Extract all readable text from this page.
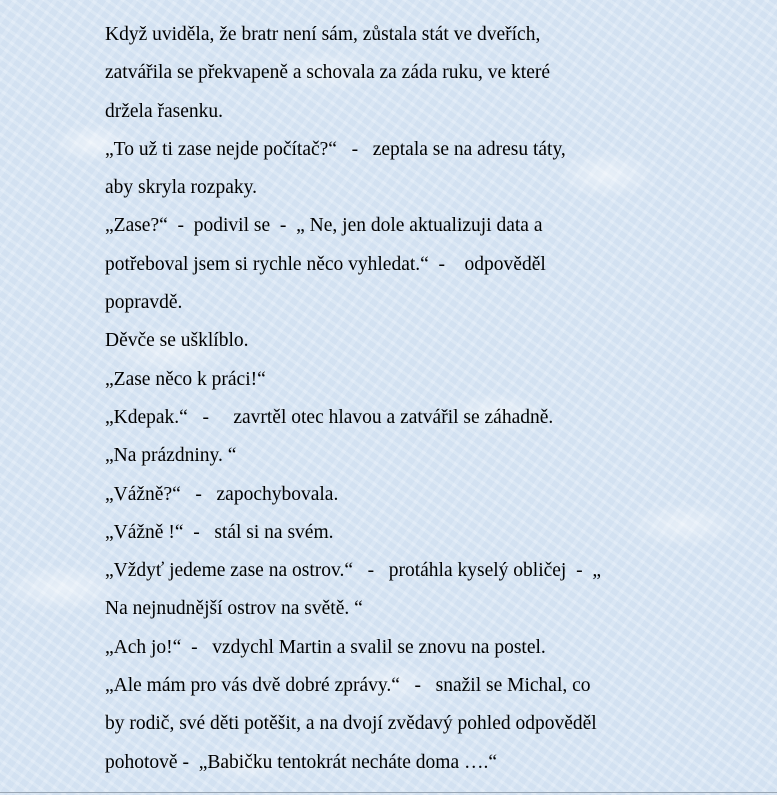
Když uviděla, že bratr není sám, zůstala stát ve dveřích,
zatvářila se překvapeně a schovala za záda ruku, ve které
držela řasenku.
„To už ti zase nejde počítač?“   -   zeptala se na adresu táty,
aby skryla rozpaky.
„Zase?“  -  podivil se  -  „ Ne, jen dole aktualizuji data a
potřeboval jsem si rychle něco vyhledat.“  -    odpověděl
popravdě.
Děvče se ušklíblo.
„Zase něco k práci!“
„Kdepak.“   -     zavrtěl otec hlavou a zatvářil se záhadně.
„Na prázdniny. “
„Vážně?“   -   zapochybovala.
„Vážně !“  -   stál si na svém.
„Vždyť jedeme zase na ostrov.“   -   protáhla kyselý obličej  -  „
Na nejnudnější ostrov na světě. “
„Ach jo!“  -   vzdychl Martin a svalil se znovu na postel.
„Ale mám pro vás dvě dobré zprávy.“   -   snažil se Michal, co
by rodič, své děti potěšit, a na dvojí zvědavý pohled odpověděl
pohotově -  „Babičku tentokrát necháte doma ….“
